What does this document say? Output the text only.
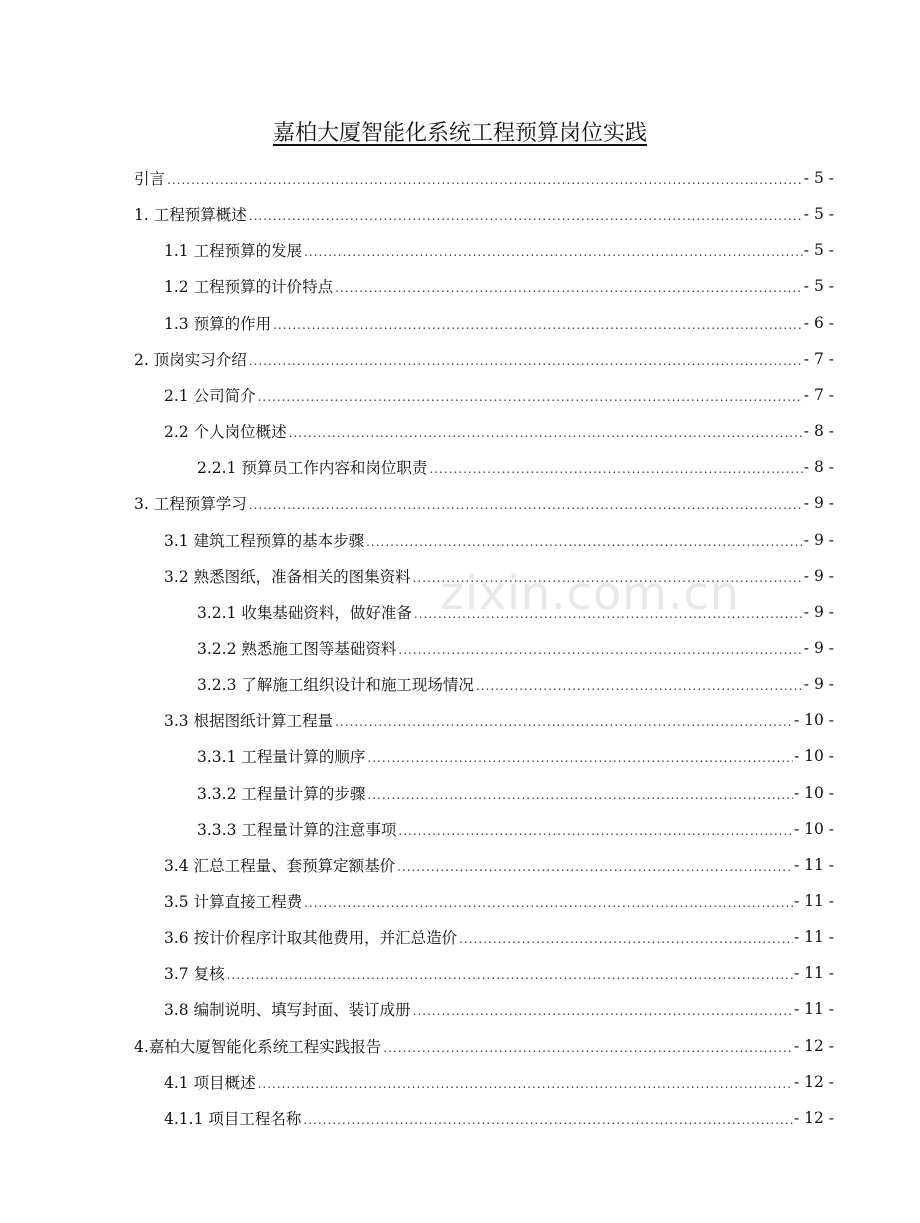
嘉柏大厦智能化系统工程预算岗位实践
引言 .....	- 5 -
1. 工程预算概述 .....	- 5 -
1.1 工程预算的发展 .....	- 5 -
1.2 工程预算的计价特点 .....	- 5 -
1.3 预算的作用 .....	- 6 -
2. 顶岗实习介绍 .....	- 7 -
2.1 公司简介 .....	- 7 -
2.2 个人岗位概述 .....	- 8 -
2.2.1 预算员工作内容和岗位职责 .....	- 8 -
3. 工程预算学习 .....	- 9 -
3.1 建筑工程预算的基本步骤 .....	- 9 -
3.2 熟悉图纸，准备相关的图集资料 .....	- 9 -
3.2.1 收集基础资料，做好准备 .....	- 9 -
3.2.2 熟悉施工图等基础资料 .....	- 9 -
3.2.3 了解施工组织设计和施工现场情况 .....	- 9 -
3.3 根据图纸计算工程量 .....	- 10 -
3.3.1 工程量计算的顺序 .....	- 10 -
3.3.2 工程量计算的步骤 .....	- 10 -
3.3.3 工程量计算的注意事项 .....	- 10 -
3.4 汇总工程量、套预算定额基价 .....	- 11 -
3.5 计算直接工程费 .....	- 11 -
3.6 按计价程序计取其他费用，并汇总造价 .....	- 11 -
3.7 复核 .....	- 11 -
3.8 编制说明、填写封面、装订成册 .....	- 11 -
4.嘉柏大厦智能化系统工程实践报告 .....	- 12 -
4.1 项目概述 .....	- 12 -
4.1.1 项目工程名称 .....	- 12 -
zixin.com.cn
